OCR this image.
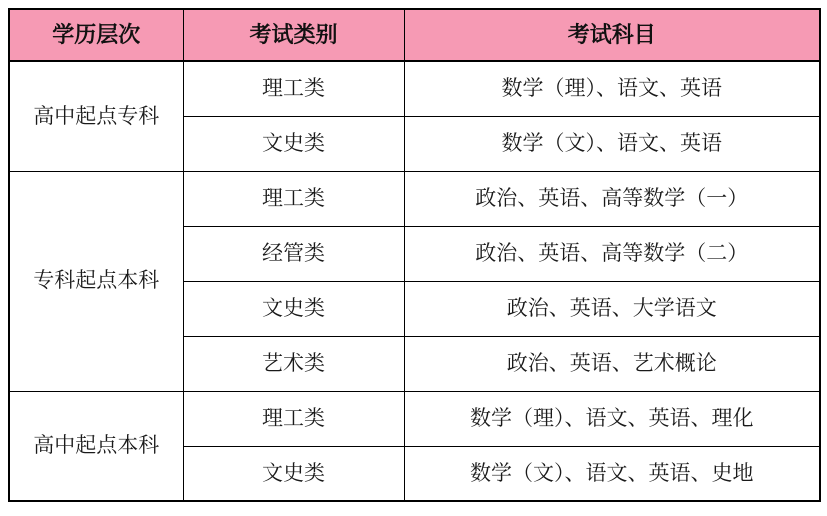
学历层次	考试类别	考试科目
高中起点专科	理工类	数学（理）、语文、英语
	文史类	数学（文）、语文、英语
专科起点本科	理工类	政治、英语、高等数学（一）
	经管类	政治、英语、高等数学（二）
	文史类	政治、英语、大学语文
	艺术类	政治、英语、艺术概论
高中起点本科	理工类	数学（理）、语文、英语、理化
	文史类	数学（文）、语文、英语、史地
